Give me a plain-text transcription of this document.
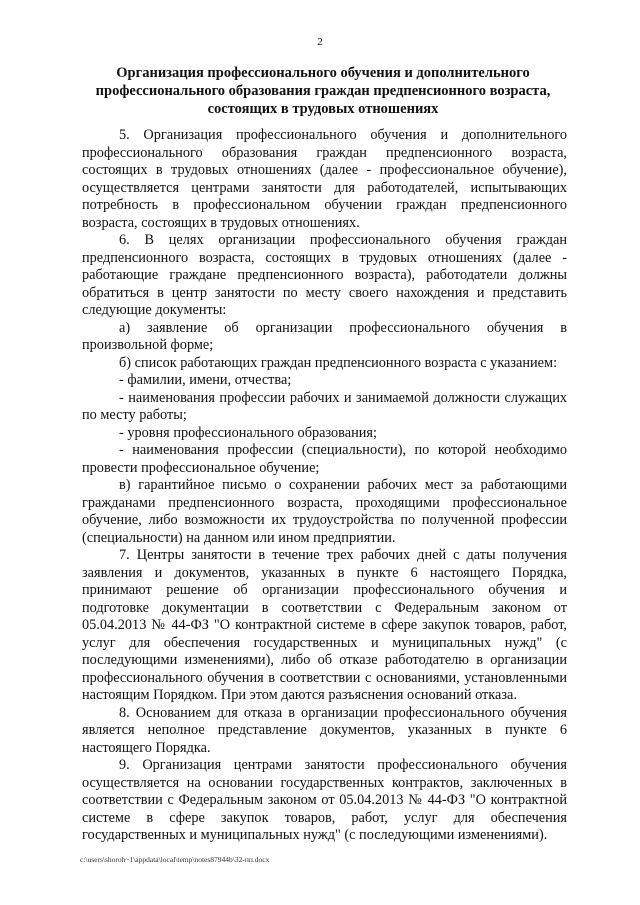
2
Организация профессионального обучения и дополнительного профессионального образования граждан предпенсионного возраста, состоящих в трудовых отношениях

5. Организация профессионального обучения и дополнительного профессионального образования граждан предпенсионного возраста, состоящих в трудовых отношениях (далее - профессиональное обучение), осуществляется центрами занятости для работодателей, испытывающих потребность в профессиональном обучении граждан предпенсионного возраста, состоящих в трудовых отношениях.

6. В целях организации профессионального обучения граждан предпенсионного возраста, состоящих в трудовых отношениях (далее - работающие граждане предпенсионного возраста), работодатели должны обратиться в центр занятости по месту своего нахождения и представить следующие документы:

а) заявление об организации профессионального обучения в произвольной форме;

б) список работающих граждан предпенсионного возраста с указанием:

- фамилии, имени, отчества;

- наименования профессии рабочих и занимаемой должности служащих по месту работы;

- уровня профессионального образования;

- наименования профессии (специальности), по которой необходимо провести профессиональное обучение;

в) гарантийное письмо о сохранении рабочих мест за работающими гражданами предпенсионного возраста, проходящими профессиональное обучение, либо возможности их трудоустройства по полученной профессии (специальности) на данном или ином предприятии.

7. Центры занятости в течение трех рабочих дней с даты получения заявления и документов, указанных в пункте 6 настоящего Порядка, принимают решение об организации профессионального обучения и подготовке документации в соответствии с Федеральным законом от 05.04.2013 № 44-ФЗ "О контрактной системе в сфере закупок товаров, работ, услуг для обеспечения государственных и муниципальных нужд" (с последующими изменениями), либо об отказе работодателю в организации профессионального обучения в соответствии с основаниями, установленными настоящим Порядком. При этом даются разъяснения оснований отказа.

8. Основанием для отказа в организации профессионального обучения является неполное представление документов, указанных в пункте 6 настоящего Порядка.

9. Организация центрами занятости профессионального обучения осуществляется на основании государственных контрактов, заключенных в соответствии с Федеральным законом от 05.04.2013 № 44-ФЗ "О контрактной системе в сфере закупок товаров, работ, услуг для обеспечения государственных и муниципальных нужд" (с последующими изменениями).

c:\users\shoroh~1\appdata\local\temp\notes87944b\32-пп.docx
